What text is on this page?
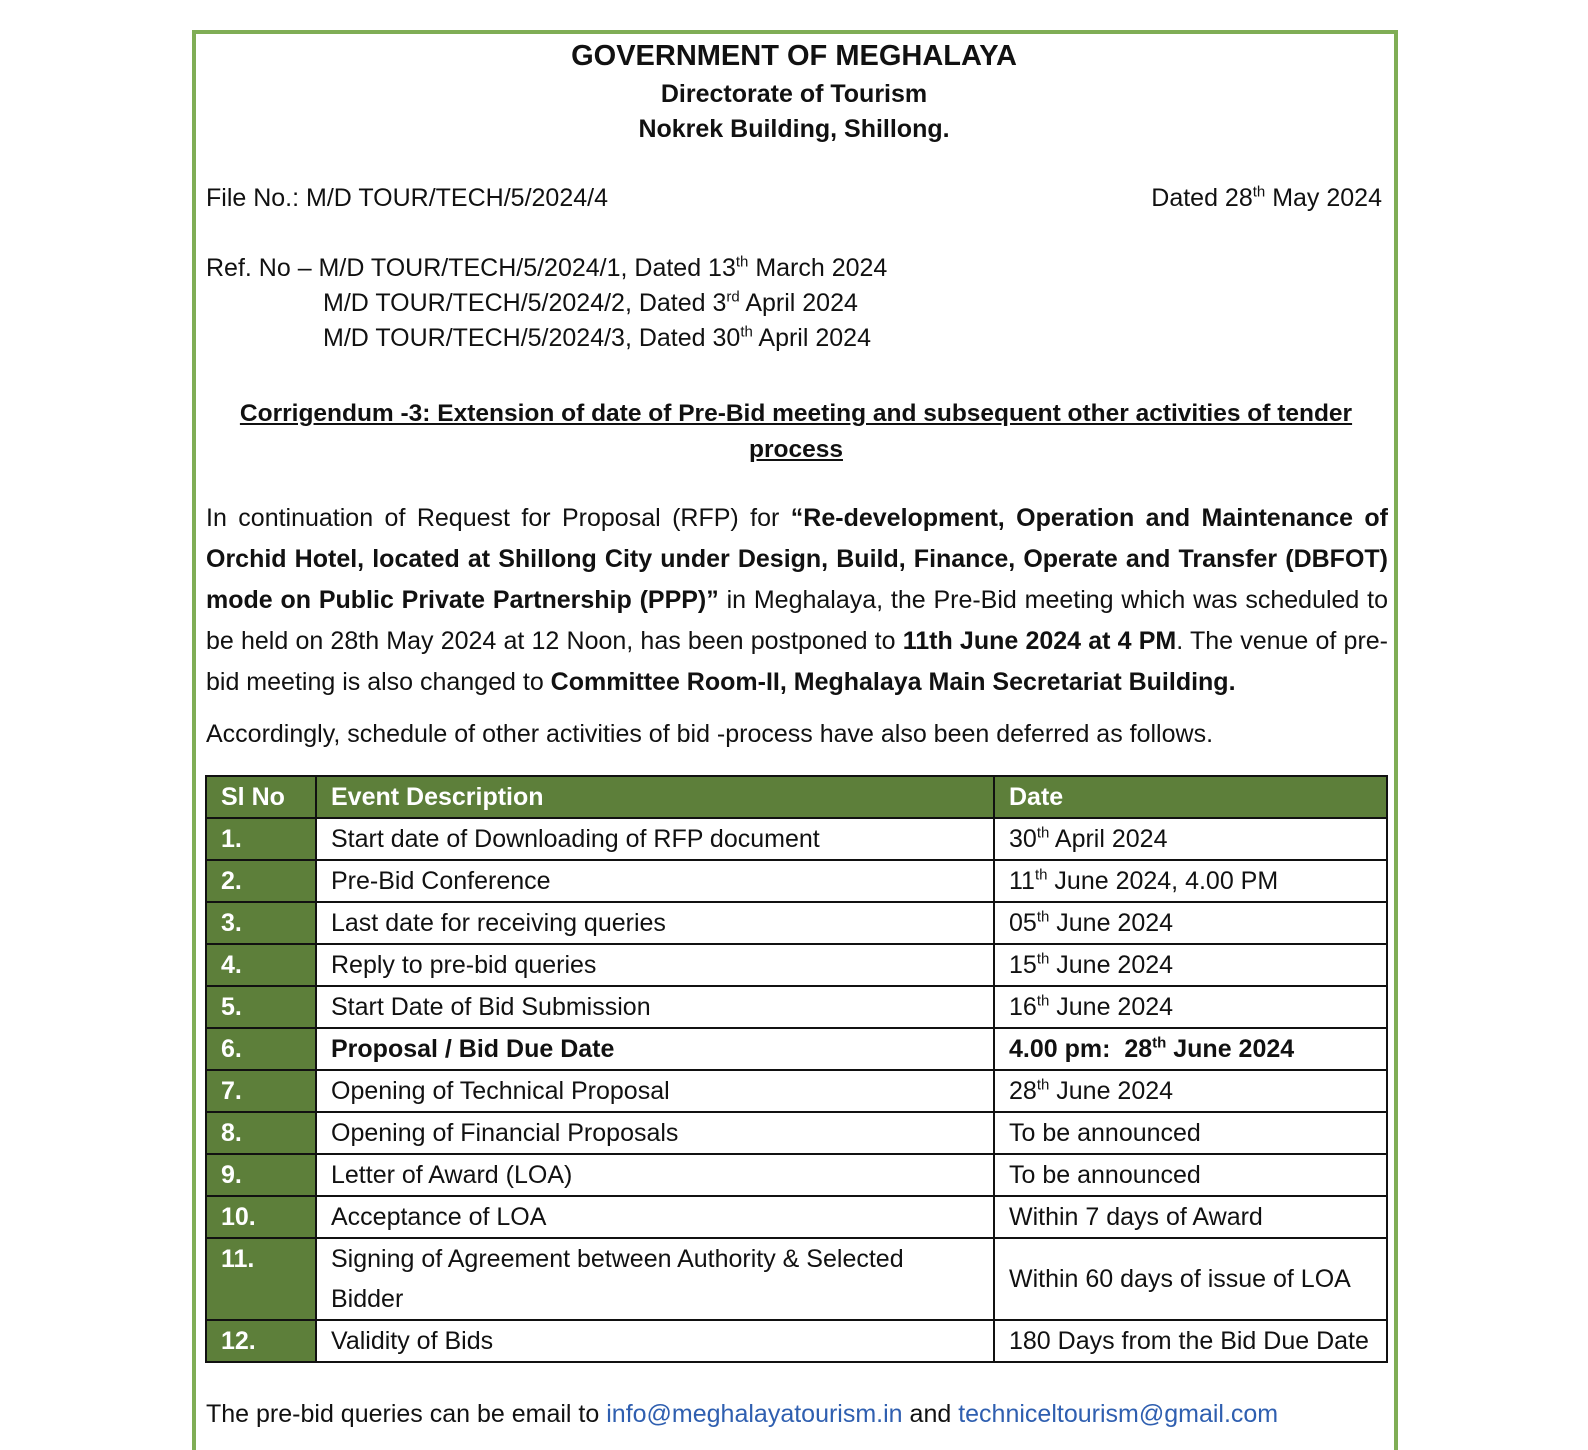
GOVERNMENT OF MEGHALAYA

Directorate of Tourism

Nokrek Building, Shillong.

File No.: M/D TOUR/TECH/5/2024/4	Dated 28th May 2024

Ref. No – M/D TOUR/TECH/5/2024/1, Dated 13th March 2024

M/D TOUR/TECH/5/2024/2, Dated 3rd April 2024

M/D TOUR/TECH/5/2024/3, Dated 30th April 2024

Corrigendum -3: Extension of date of Pre-Bid meeting and subsequent other activities of tender process

In continuation of Request for Proposal (RFP) for “Re-development, Operation and Maintenance of Orchid Hotel, located at Shillong City under Design, Build, Finance, Operate and Transfer (DBFOT) mode on Public Private Partnership (PPP)” in Meghalaya, the Pre-Bid meeting which was scheduled to be held on 28th May 2024 at 12 Noon, has been postponed to 11th June 2024 at 4 PM. The venue of pre-bid meeting is also changed to Committee Room-II, Meghalaya Main Secretariat Building.

Accordingly, schedule of other activities of bid -process have also been deferred as follows.

Sl No	Event Description	Date
1.	Start date of Downloading of RFP document	30th April 2024
2.	Pre-Bid Conference	11th June 2024, 4.00 PM
3.	Last date for receiving queries	05th June 2024
4.	Reply to pre-bid queries	15th June 2024
5.	Start Date of Bid Submission	16th June 2024
6.	Proposal / Bid Due Date	4.00 pm:  28th June 2024
7.	Opening of Technical Proposal	28th June 2024
8.	Opening of Financial Proposals	To be announced
9.	Letter of Award (LOA)	To be announced
10.	Acceptance of LOA	Within 7 days of Award
11.	Signing of Agreement between Authority & Selected Bidder	Within 60 days of issue of LOA
12.	Validity of Bids	180 Days from the Bid Due Date

The pre-bid queries can be email to info@meghalayatourism.in and techniceltourism@gmail.com
